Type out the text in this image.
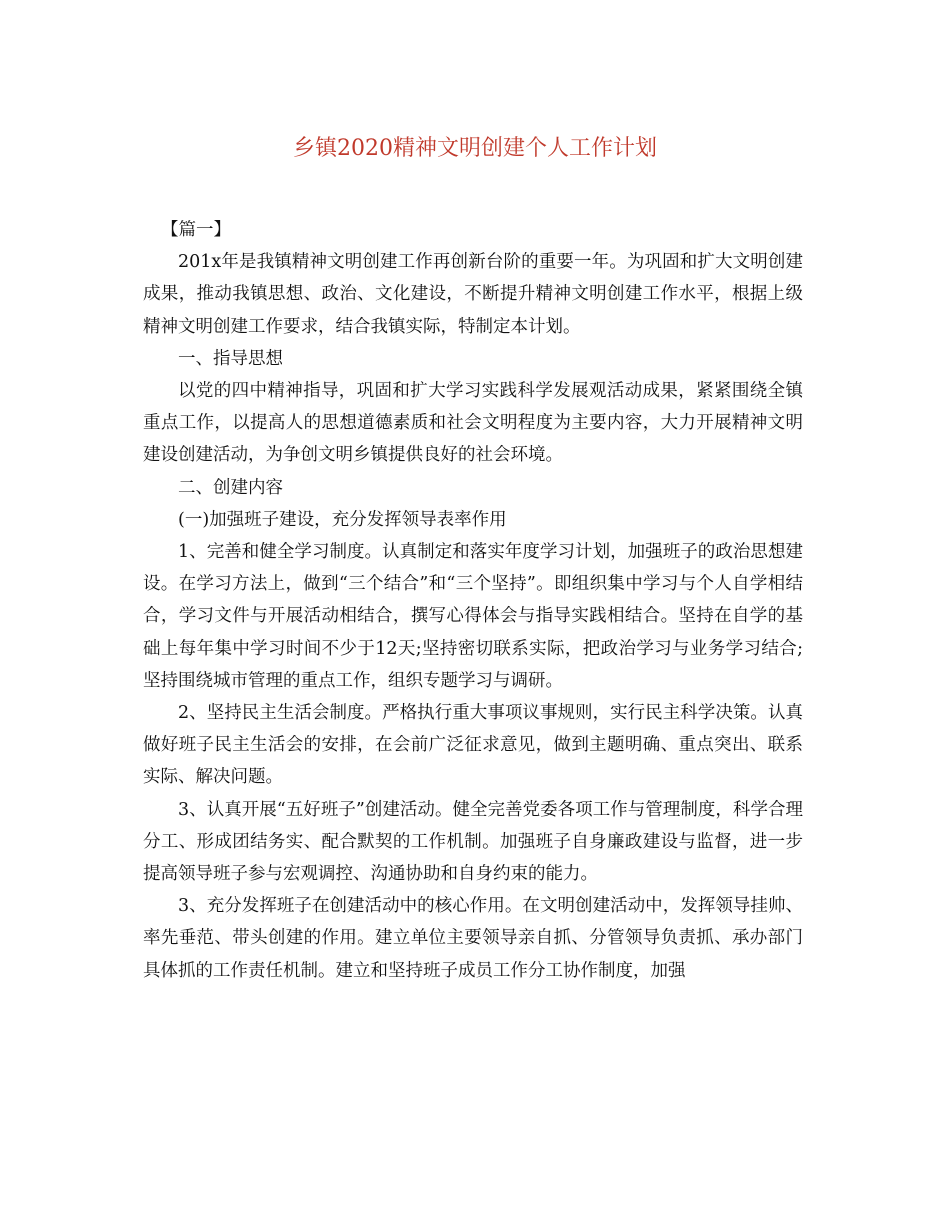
乡镇2020精神文明创建个人工作计划

【篇一】

201x年是我镇精神文明创建工作再创新台阶的重要一年。为巩固和扩大文明创建成果，推动我镇思想、政治、文化建设，不断提升精神文明创建工作水平，根据上级精神文明创建工作要求，结合我镇实际，特制定本计划。

一、指导思想

以党的四中精神指导，巩固和扩大学习实践科学发展观活动成果，紧紧围绕全镇重点工作，以提高人的思想道德素质和社会文明程度为主要内容，大力开展精神文明建设创建活动，为争创文明乡镇提供良好的社会环境。

二、创建内容

(一)加强班子建设，充分发挥领导表率作用

1、完善和健全学习制度。认真制定和落实年度学习计划，加强班子的政治思想建设。在学习方法上，做到“三个结合”和“三个坚持”。即组织集中学习与个人自学相结合，学习文件与开展活动相结合，撰写心得体会与指导实践相结合。坚持在自学的基础上每年集中学习时间不少于12天;坚持密切联系实际，把政治学习与业务学习结合;坚持围绕城市管理的重点工作，组织专题学习与调研。

2、坚持民主生活会制度。严格执行重大事项议事规则，实行民主科学决策。认真做好班子民主生活会的安排，在会前广泛征求意见，做到主题明确、重点突出、联系实际、解决问题。

3、认真开展“五好班子”创建活动。健全完善党委各项工作与管理制度，科学合理分工、形成团结务实、配合默契的工作机制。加强班子自身廉政建设与监督，进一步提高领导班子参与宏观调控、沟通协助和自身约束的能力。

3、充分发挥班子在创建活动中的核心作用。在文明创建活动中，发挥领导挂帅、率先垂范、带头创建的作用。建立单位主要领导亲自抓、分管领导负责抓、承办部门具体抓的工作责任机制。建立和坚持班子成员工作分工协作制度，加强
